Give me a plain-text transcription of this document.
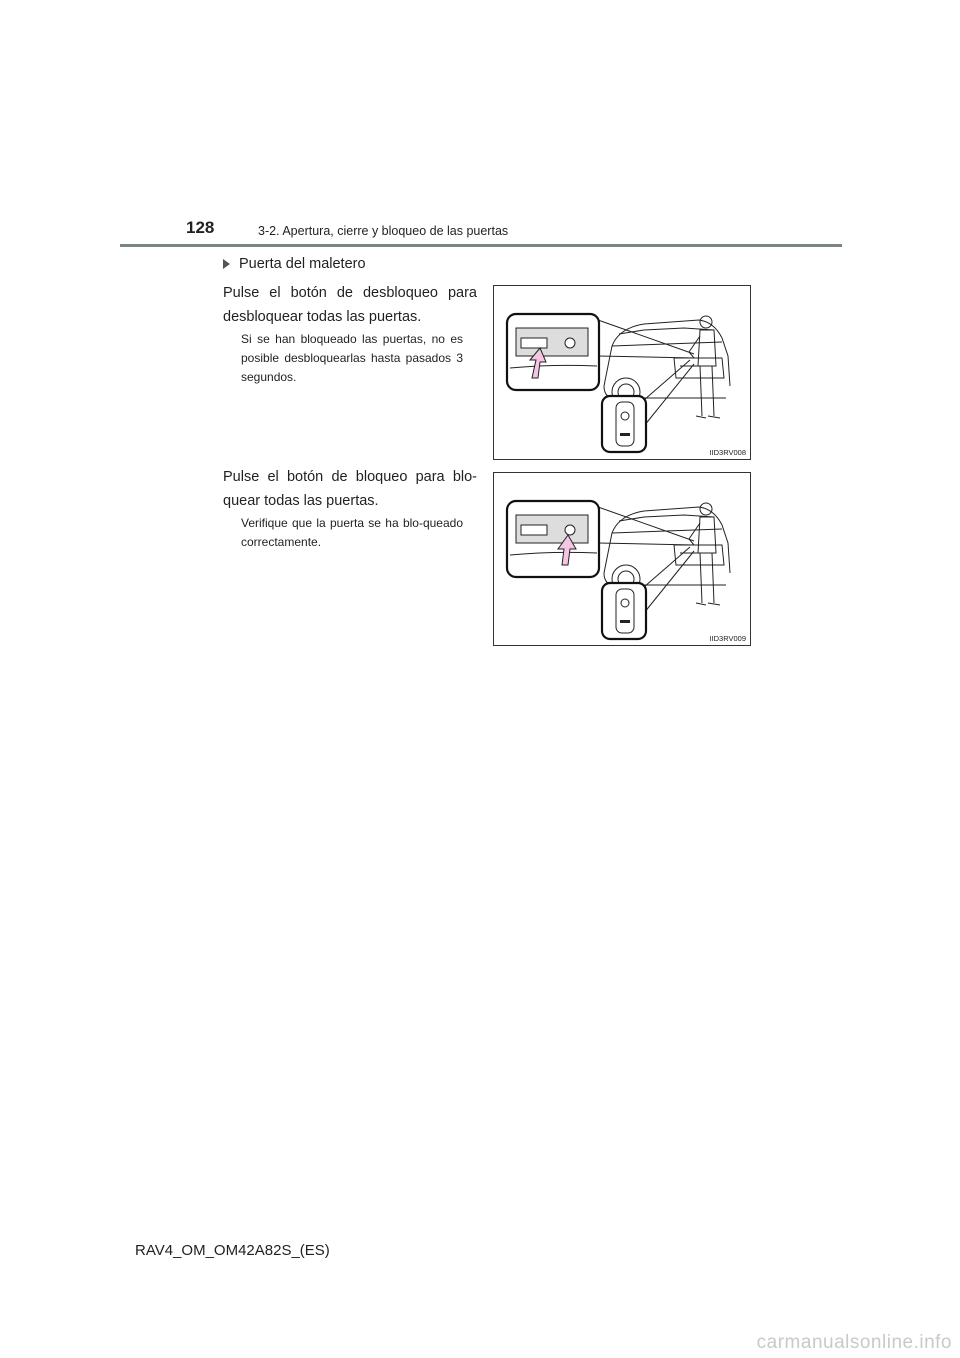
128	3-2. Apertura, cierre y bloqueo de las puertas
Puerta del maletero
Pulse el botón de desbloqueo para desbloquear todas las puertas.
Si se han bloqueado las puertas, no es posible desbloquearlas hasta pasados 3 segundos.
Pulse el botón de bloqueo para blo-quear todas las puertas.
Verifique que la puerta se ha blo-queado correctamente.
IID3RV008
IID3RV009
RAV4_OM_OM42A82S_(ES)
carmanualsonline.info
